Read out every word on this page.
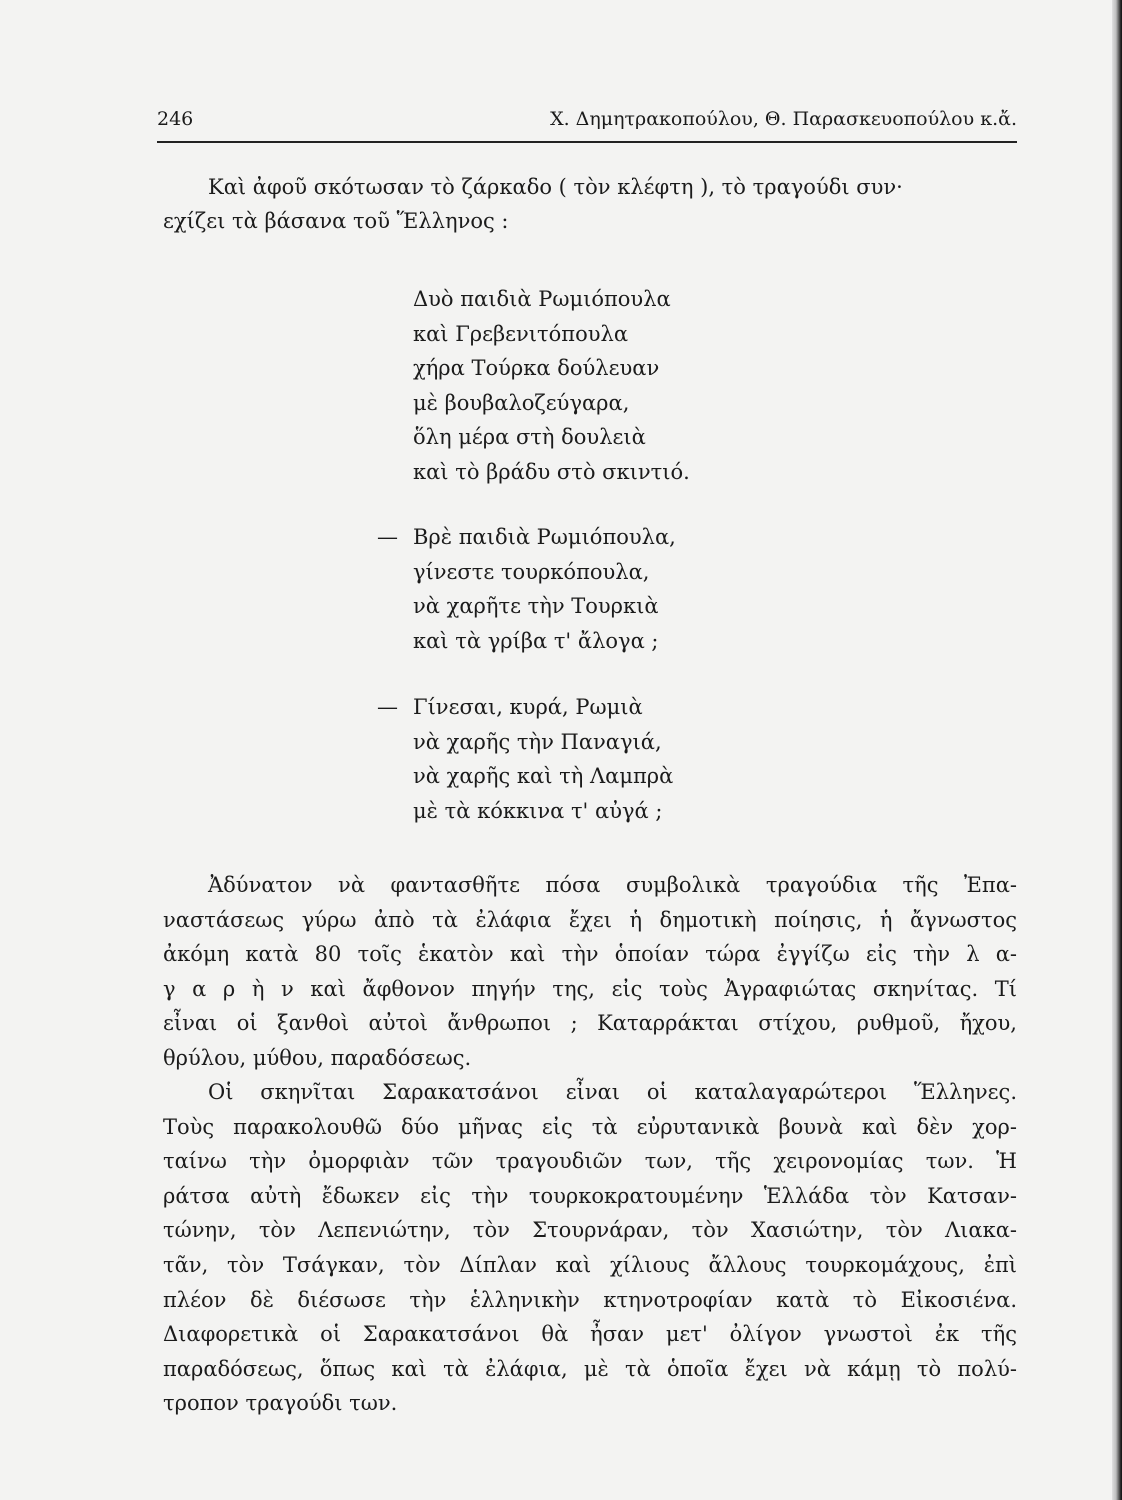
246	Χ. Δημητρακοπούλου, Θ. Παρασκευοπούλου κ.ἄ.
Καὶ ἀφοῦ σκότωσαν τὸ ζάρκαδο ( τὸν κλέφτη ), τὸ τραγούδι συν·
εχίζει τὰ βάσανα τοῦ Ἕλληνος :
Δυὸ παιδιὰ Ρωμιόπουλα
καὶ Γρεβενιτόπουλα
χήρα Τούρκα δούλευαν
μὲ βουβαλοζεύγαρα,
ὅλη μέρα στὴ δουλειὰ
καὶ τὸ βράδυ στὸ σκιντιό.
— Βρὲ παιδιὰ Ρωμιόπουλα,
γίνεστε τουρκόπουλα,
νὰ χαρῆτε τὴν Τουρκιὰ
καὶ τὰ γρίβα τ' ἄλογα ;
— Γίνεσαι, κυρά, Ρωμιὰ
νὰ χαρῆς τὴν Παναγιά,
νὰ χαρῆς καὶ τὴ Λαμπρὰ
μὲ τὰ κόκκινα τ' αὐγά ;
Ἀδύνατον νὰ φαντασθῆτε πόσα συμβολικὰ τραγούδια τῆς Ἐπα-
ναστάσεως γύρω ἀπὸ τὰ ἐλάφια ἔχει ἡ δημοτικὴ ποίησις, ἡ ἄγνωστος
ἀκόμη κατὰ 80 τοῖς ἑκατὸν καὶ τὴν ὁποίαν τώρα ἐγγίζω εἰς τὴν λ α-
γ α ρ ὴ ν καὶ ἄφθονον πηγήν της, εἰς τοὺς Ἀγραφιώτας σκηνίτας. Τί
εἶναι οἱ ξανθοὶ αὐτοὶ ἄνθρωποι ; Καταρράκται στίχου, ρυθμοῦ, ἤχου,
θρύλου, μύθου, παραδόσεως.
Οἱ σκηνῖται Σαρακατσάνοι εἶναι οἱ καταλαγαρώτεροι Ἕλληνες.
Τοὺς παρακολουθῶ δύο μῆνας εἰς τὰ εὐρυτανικὰ βουνὰ καὶ δὲν χορ-
ταίνω τὴν ὀμορφιὰν τῶν τραγουδιῶν των, τῆς χειρονομίας των. Ἡ
ράτσα αὐτὴ ἔδωκεν εἰς τὴν τουρκοκρατουμένην Ἑλλάδα τὸν Κατσαν-
τώνην, τὸν Λεπενιώτην, τὸν Στουρνάραν, τὸν Χασιώτην, τὸν Λιακα-
τᾶν, τὸν Τσάγκαν, τὸν Δίπλαν καὶ χίλιους ἄλλους τουρκομάχους, ἐπὶ
πλέον δὲ διέσωσε τὴν ἑλληνικὴν κτηνοτροφίαν κατὰ τὸ Εἰκοσιένα.
Διαφορετικὰ οἱ Σαρακατσάνοι θὰ ἦσαν μετ' ὀλίγον γνωστοὶ ἐκ τῆς
παραδόσεως, ὅπως καὶ τὰ ἐλάφια, μὲ τὰ ὁποῖα ἔχει νὰ κάμῃ τὸ πολύ-
τροπον τραγούδι των.
